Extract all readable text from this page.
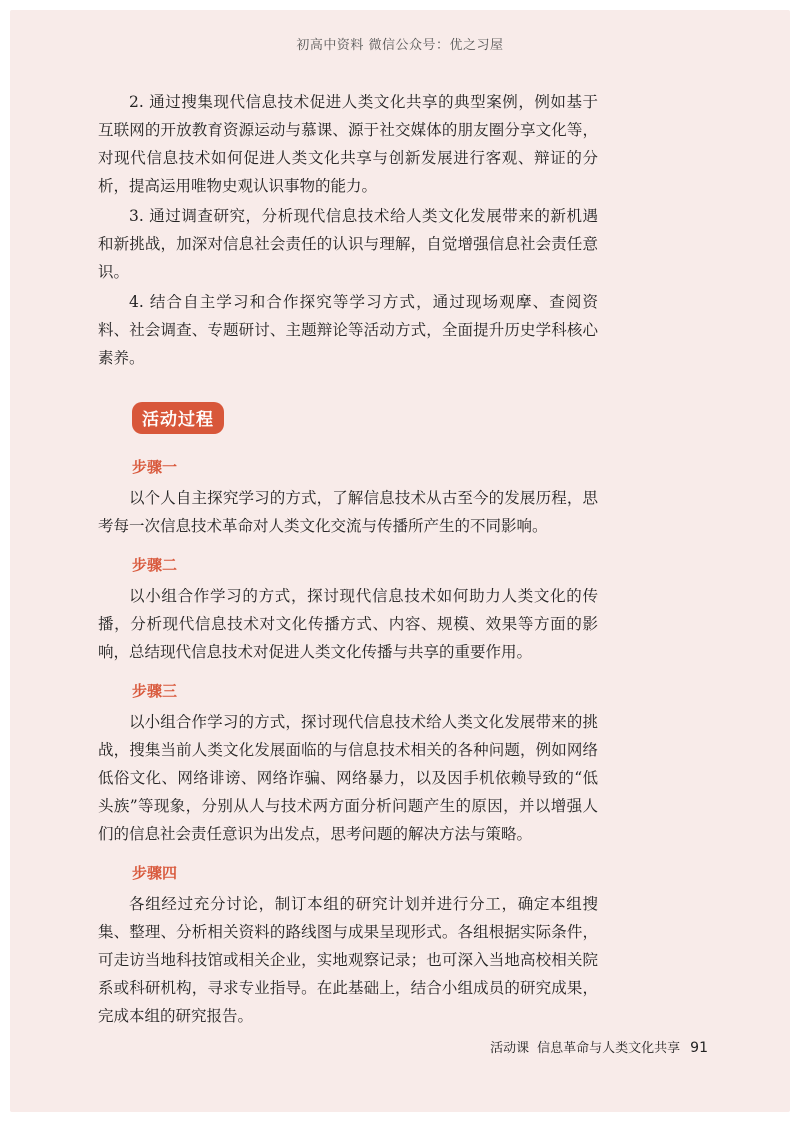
初高中资料 微信公众号：优之习屋

2. 通过搜集现代信息技术促进人类文化共享的典型案例，例如基于互联网的开放教育资源运动与慕课、源于社交媒体的朋友圈分享文化等，对现代信息技术如何促进人类文化共享与创新发展进行客观、辩证的分析，提高运用唯物史观认识事物的能力。

3. 通过调查研究，分析现代信息技术给人类文化发展带来的新机遇和新挑战，加深对信息社会责任的认识与理解，自觉增强信息社会责任意识。

4. 结合自主学习和合作探究等学习方式，通过现场观摩、查阅资料、社会调查、专题研讨、主题辩论等活动方式，全面提升历史学科核心素养。

活动过程
步骤一

以个人自主探究学习的方式，了解信息技术从古至今的发展历程，思考每一次信息技术革命对人类文化交流与传播所产生的不同影响。

步骤二

以小组合作学习的方式，探讨现代信息技术如何助力人类文化的传播，分析现代信息技术对文化传播方式、内容、规模、效果等方面的影响，总结现代信息技术对促进人类文化传播与共享的重要作用。

步骤三

以小组合作学习的方式，探讨现代信息技术给人类文化发展带来的挑战，搜集当前人类文化发展面临的与信息技术相关的各种问题，例如网络低俗文化、网络诽谤、网络诈骗、网络暴力，以及因手机依赖导致的“低头族”等现象，分别从人与技术两方面分析问题产生的原因，并以增强人们的信息社会责任意识为出发点，思考问题的解决方法与策略。

步骤四

各组经过充分讨论，制订本组的研究计划并进行分工，确定本组搜集、整理、分析相关资料的路线图与成果呈现形式。各组根据实际条件，可走访当地科技馆或相关企业，实地观察记录；也可深入当地高校相关院系或科研机构，寻求专业指导。在此基础上，结合小组成员的研究成果，完成本组的研究报告。

活动课 信息革命与人类文化共享 91
